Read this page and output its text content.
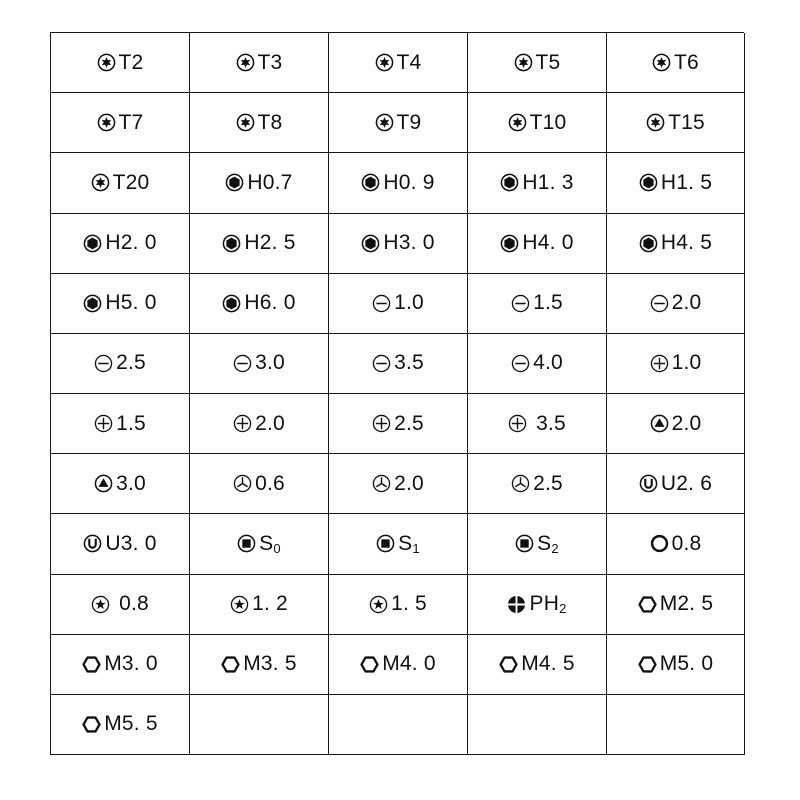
T2	T3	T4	T5	T6
T7	T8	T9	T10	T15
T20	H0.7	H0. 9	H1. 3	H1. 5
H2. 0	H2. 5	H3. 0	H4. 0	H4. 5
H5. 0	H6. 0	1.0	1.5	2.0
2.5	3.0	3.5	4.0	1.0
1.5	2.0	2.5	3.5	2.0
3.0	0.6	2.0	2.5	U2. 6
U3. 0	$S_0$	$S_1$	$S_2$	0.8
0.8	1. 2	1. 5	$PH_2$	M2. 5
M3. 0	M3. 5	M4. 0	M4. 5	M5. 0
M5. 5
